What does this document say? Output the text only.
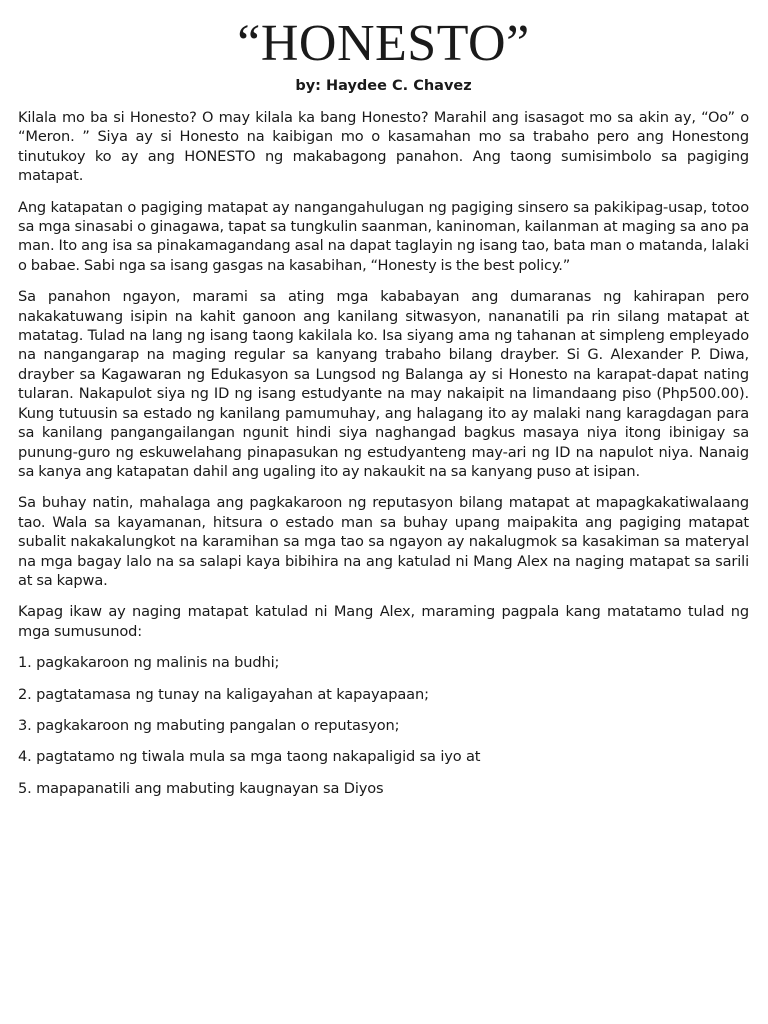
“HONESTO”
by: Haydee C. Chavez

Kilala mo ba si Honesto? O may kilala ka bang Honesto? Marahil ang isasagot mo sa akin ay, “Oo” o “Meron. ” Siya ay si Honesto na kaibigan mo o kasamahan mo sa trabaho pero ang Honestong tinutukoy ko ay ang HONESTO ng makabagong panahon. Ang taong sumisimbolo sa pagiging matapat.

Ang katapatan o pagiging matapat ay nangangahulugan ng pagiging sinsero sa pakikipag-usap, totoo sa mga sinasabi o ginagawa, tapat sa tungkulin saanman, kaninoman, kailanman at maging sa ano pa man. Ito ang isa sa pinakamagandang asal na dapat taglayin ng isang tao, bata man o matanda, lalaki o babae. Sabi nga sa isang gasgas na kasabihan, “Honesty is the best policy.”

Sa panahon ngayon, marami sa ating mga kababayan ang dumaranas ng kahirapan pero nakakatuwang isipin na kahit ganoon ang kanilang sitwasyon, nananatili pa rin silang matapat at matatag. Tulad na lang ng isang taong kakilala ko. Isa siyang ama ng tahanan at simpleng empleyado na nangangarap na maging regular sa kanyang trabaho bilang drayber. Si G. Alexander P. Diwa, drayber sa Kagawaran ng Edukasyon sa Lungsod ng Balanga ay si Honesto na karapat-dapat nating tularan. Nakapulot siya ng ID ng isang estudyante na may nakaipit na limandaang piso (Php500.00). Kung tutuusin sa estado ng kanilang pamumuhay, ang halagang ito ay malaki nang karagdagan para sa kanilang pangangailangan ngunit hindi siya naghangad bagkus masaya niya itong ibinigay sa punung-guro ng eskuwelahang pinapasukan ng estudyanteng may-ari ng ID na napulot niya. Nanaig sa kanya ang katapatan dahil ang ugaling ito ay nakaukit na sa kanyang puso at isipan.

Sa buhay natin, mahalaga ang pagkakaroon ng reputasyon bilang matapat at mapagkakatiwalaang tao. Wala sa kayamanan, hitsura o estado man sa buhay upang maipakita ang pagiging matapat subalit nakakalungkot na karamihan sa mga tao sa ngayon ay nakalugmok sa kasakiman sa materyal na mga bagay lalo na sa salapi kaya bibihira na ang katulad ni Mang Alex na naging matapat sa sarili at sa kapwa.

Kapag ikaw ay naging matapat katulad ni Mang Alex, maraming pagpala kang matatamo tulad ng mga sumusunod:

1. pagkakaroon ng malinis na budhi;

2. pagtatamasa ng tunay na kaligayahan at kapayapaan;

3. pagkakaroon ng mabuting pangalan o reputasyon;

4. pagtatamo ng tiwala mula sa mga taong nakapaligid sa iyo at

5. mapapanatili ang mabuting kaugnayan sa Diyos
